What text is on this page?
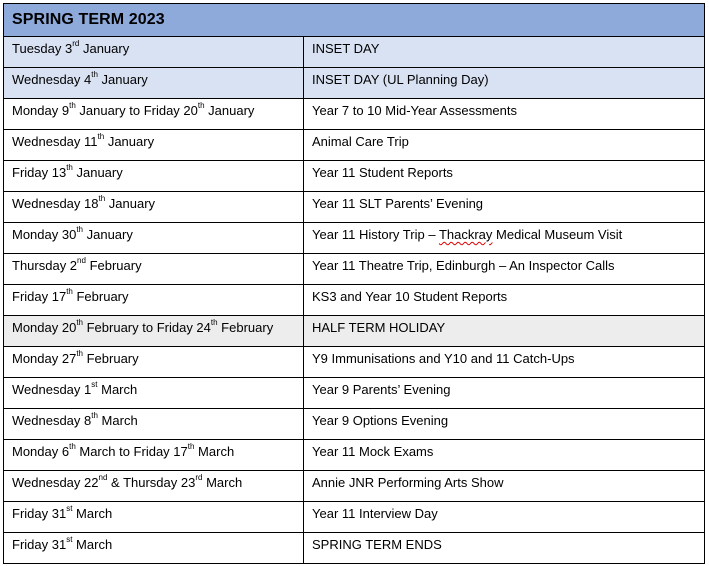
SPRING TERM 2023
Tuesday 3rd January	INSET DAY
Wednesday 4th January	INSET DAY (UL Planning Day)
Monday 9th January to Friday 20th January	Year 7 to 10 Mid-Year Assessments
Wednesday 11th January	Animal Care Trip
Friday 13th January	Year 11 Student Reports
Wednesday 18th January	Year 11 SLT Parents’ Evening
Monday 30th January	Year 11 History Trip – Thackray Medical Museum Visit
Thursday 2nd February	Year 11 Theatre Trip, Edinburgh – An Inspector Calls
Friday 17th February	KS3 and Year 10 Student Reports
Monday 20th February to Friday 24th February	HALF TERM HOLIDAY
Monday 27th February	Y9 Immunisations and Y10 and 11 Catch-Ups
Wednesday 1st March	Year 9 Parents’ Evening
Wednesday 8th March	Year 9 Options Evening
Monday 6th March to Friday 17th March	Year 11 Mock Exams
Wednesday 22nd & Thursday 23rd March	Annie JNR Performing Arts Show
Friday 31st March	Year 11 Interview Day
Friday 31st March	SPRING TERM ENDS
